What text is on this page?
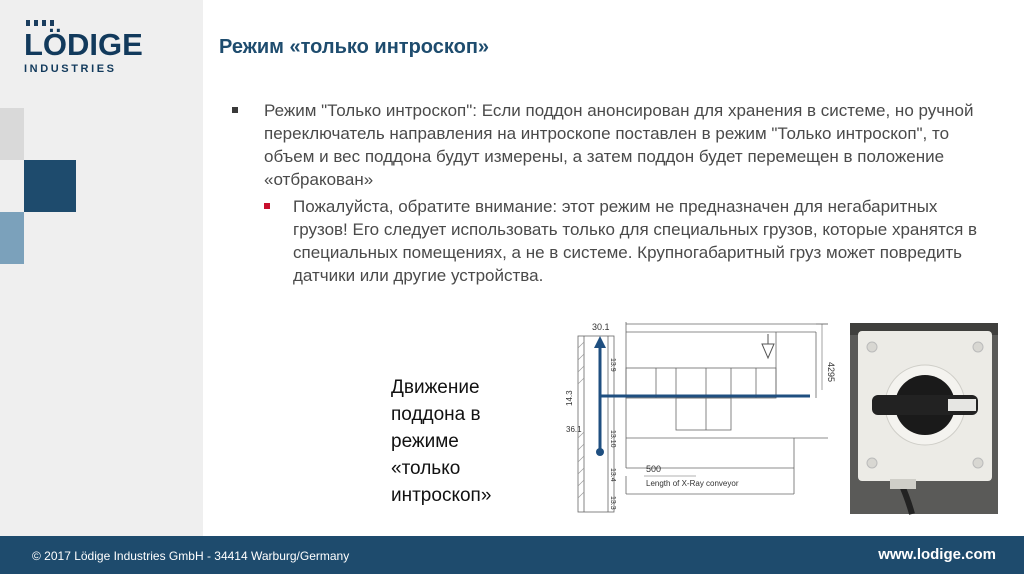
LÖDIGE
INDUSTRIES
Режим «только интроскоп»
Режим "Только интроскоп": Если поддон анонсирован для хранения в системе, но ручной переключатель направления на интроскопе поставлен в режим "Только интроскоп", то объем и вес поддона будут измерены, а затем поддон будет перемещен в положение «отбракован»
Пожалуйста, обратите внимание: этот режим не предназначен для негабаритных грузов! Его следует использовать только для специальных грузов, которые хранятся в специальных помещениях, а не в системе. Крупногабаритный груз может повредить датчики или другие устройства.
Движение
поддона в
режиме
«только
интроскоп»
30.1
4295
14.3
36.1
500
Length of X-Ray conveyor
13.9
13.10
13.4
13.3
© 2017 Lödige Industries GmbH - 34414 Warburg/Germany	www.lodige.com
